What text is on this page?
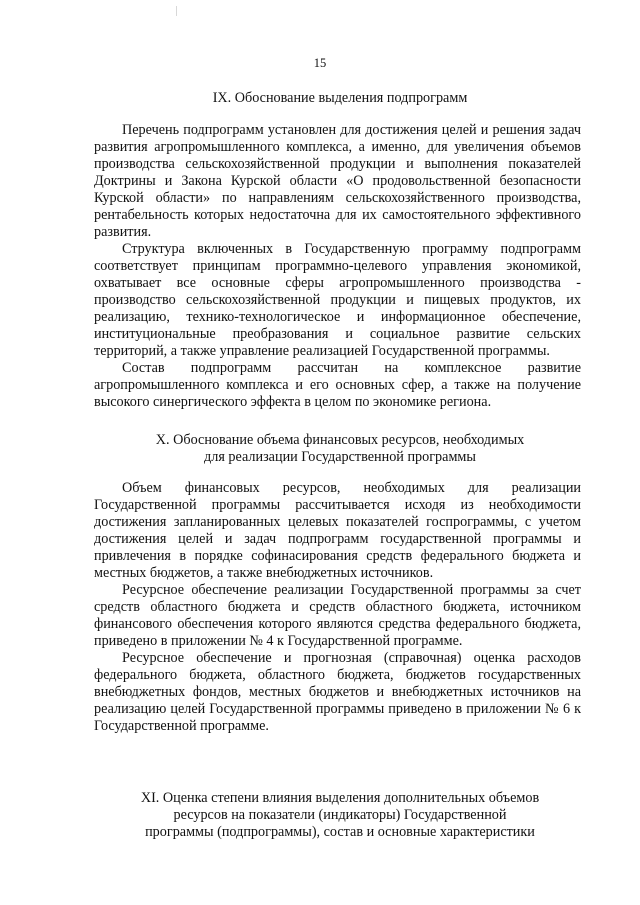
15
IX. Обоснование выделения подпрограмм

Перечень подпрограмм установлен для достижения целей и решения задач развития агропромышленного комплекса, а именно, для увеличения объемов производства сельскохозяйственной продукции и выполнения показателей Доктрины и Закона Курской области «О продовольственной безопасности Курской области» по направлениям сельскохозяйственного производства, рентабельность которых недостаточна для их самостоятельного эффективного развития.

Структура включенных в Государственную программу подпрограмм соответствует принципам программно-целевого управления экономикой, охватывает все основные сферы агропромышленного производства - производство сельскохозяйственной продукции и пищевых продуктов, их реализацию, технико-технологическое и информационное обеспечение, институциональные преобразования и социальное развитие сельских территорий, а также управление реализацией Государственной программы.

Состав подпрограмм рассчитан на комплексное развитие агропромышленного комплекса и его основных сфер, а также на получение высокого синергического эффекта в целом по экономике региона.

Х. Обоснование объема финансовых ресурсов, необходимых
для реализации Государственной программы

Объем финансовых ресурсов, необходимых для реализации Государственной программы рассчитывается исходя из необходимости достижения запланированных целевых показателей госпрограммы, с учетом достижения целей и задач подпрограмм государственной программы и привлечения в порядке софинасирования средств федерального бюджета и местных бюджетов, а также внебюджетных источников.

Ресурсное обеспечение реализации Государственной программы за счет средств областного бюджета и средств областного бюджета, источником финансового обеспечения которого являются средства федерального бюджета, приведено в приложении № 4 к Государственной программе.

Ресурсное обеспечение и прогнозная (справочная) оценка расходов федерального бюджета, областного бюджета, бюджетов государственных внебюджетных фондов, местных бюджетов и внебюджетных источников на реализацию целей Государственной программы приведено в приложении № 6 к Государственной программе.

XI. Оценка степени влияния выделения дополнительных объемов
ресурсов на показатели (индикаторы) Государственной
программы (подпрограммы), состав и основные характеристики
